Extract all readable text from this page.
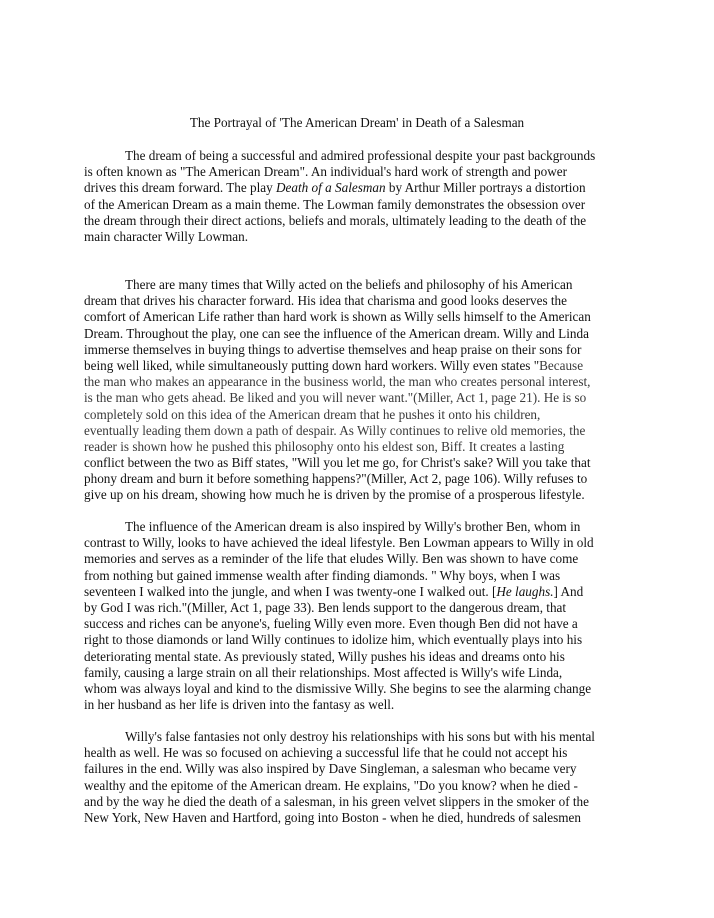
The Portrayal of 'The American Dream' in Death of a Salesman
The dream of being a successful and admired professional despite your past backgrounds
is often known as "The American Dream". An individual's hard work of strength and power
drives this dream forward. The play Death of a Salesman by Arthur Miller portrays a distortion
of the American Dream as a main theme. The Lowman family demonstrates the obsession over
the dream through their direct actions, beliefs and morals, ultimately leading to the death of the
main character Willy Lowman.
There are many times that Willy acted on the beliefs and philosophy of his American
dream that drives his character forward. His idea that charisma and good looks deserves the
comfort of American Life rather than hard work is shown as Willy sells himself to the American
Dream. Throughout the play, one can see the influence of the American dream. Willy and Linda
immerse themselves in buying things to advertise themselves and heap praise on their sons for
being well liked, while simultaneously putting down hard workers. Willy even states "Because
the man who makes an appearance in the business world, the man who creates personal interest,
is the man who gets ahead. Be liked and you will never want."(Miller, Act 1, page 21). He is so
completely sold on this idea of the American dream that he pushes it onto his children,
eventually leading them down a path of despair. As Willy continues to relive old memories, the
reader is shown how he pushed this philosophy onto his eldest son, Biff. It creates a lasting
conflict between the two as Biff states, "Will you let me go, for Christ's sake? Will you take that
phony dream and burn it before something happens?"(Miller, Act 2, page 106). Willy refuses to
give up on his dream, showing how much he is driven by the promise of a prosperous lifestyle.
The influence of the American dream is also inspired by Willy's brother Ben, whom in
contrast to Willy, looks to have achieved the ideal lifestyle. Ben Lowman appears to Willy in old
memories and serves as a reminder of the life that eludes Willy. Ben was shown to have come
from nothing but gained immense wealth after finding diamonds. " Why boys, when I was
seventeen I walked into the jungle, and when I was twenty-one I walked out. [He laughs.] And
by God I was rich."(Miller, Act 1, page 33). Ben lends support to the dangerous dream, that
success and riches can be anyone's, fueling Willy even more. Even though Ben did not have a
right to those diamonds or land Willy continues to idolize him, which eventually plays into his
deteriorating mental state. As previously stated, Willy pushes his ideas and dreams onto his
family, causing a large strain on all their relationships. Most affected is Willy's wife Linda,
whom was always loyal and kind to the dismissive Willy. She begins to see the alarming change
in her husband as her life is driven into the fantasy as well.
Willy's false fantasies not only destroy his relationships with his sons but with his mental
health as well. He was so focused on achieving a successful life that he could not accept his
failures in the end. Willy was also inspired by Dave Singleman, a salesman who became very
wealthy and the epitome of the American dream. He explains, "Do you know? when he died -
and by the way he died the death of a salesman, in his green velvet slippers in the smoker of the
New York, New Haven and Hartford, going into Boston - when he died, hundreds of salesmen
